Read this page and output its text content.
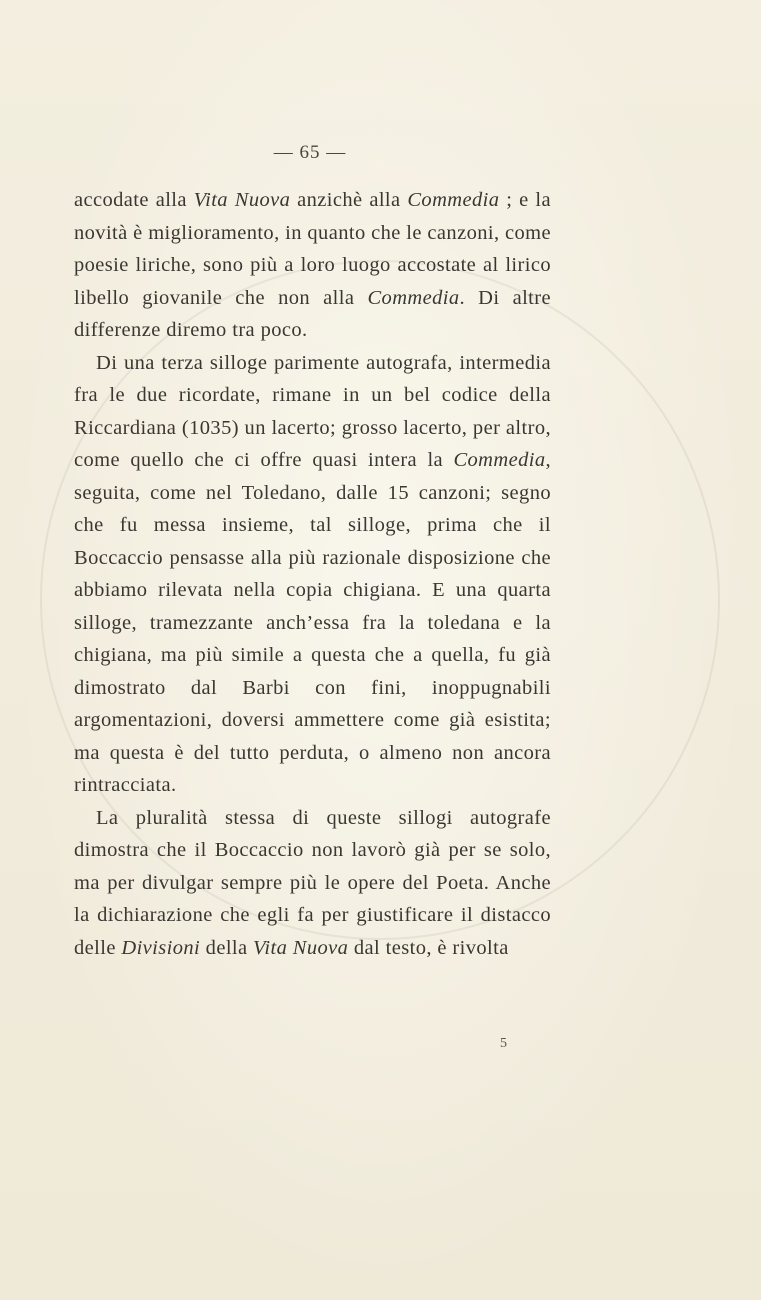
— 65 —

accodate alla Vita Nuova anzichè alla Commedia ; e la novità è miglioramento, in quanto che le canzoni, come poesie liriche, sono più a loro luogo accostate al lirico libello giovanile che non alla Commedia. Di altre differenze diremo tra poco.

Di una terza silloge parimente autografa, intermedia fra le due ricordate, rimane in un bel codice della Riccardiana (1035) un lacerto; grosso lacerto, per altro, come quello che ci offre quasi intera la Commedia, seguita, come nel Toledano, dalle 15 canzoni; segno che fu messa insieme, tal silloge, prima che il Boccaccio pensasse alla più razionale disposizione che abbiamo rilevata nella copia chigiana. E una quarta silloge, tramezzante anch’essa fra la toledana e la chigiana, ma più simile a questa che a quella, fu già dimostrato dal Barbi con fini, inoppugnabili argomentazioni, doversi ammettere come già esistita; ma questa è del tutto perduta, o almeno non ancora rintracciata.

La pluralità stessa di queste sillogi autografe dimostra che il Boccaccio non lavorò già per se solo, ma per divulgar sempre più le opere del Poeta. Anche la dichiarazione che egli fa per giustificare il distacco delle Divisioni della Vita Nuova dal testo, è rivolta

5
